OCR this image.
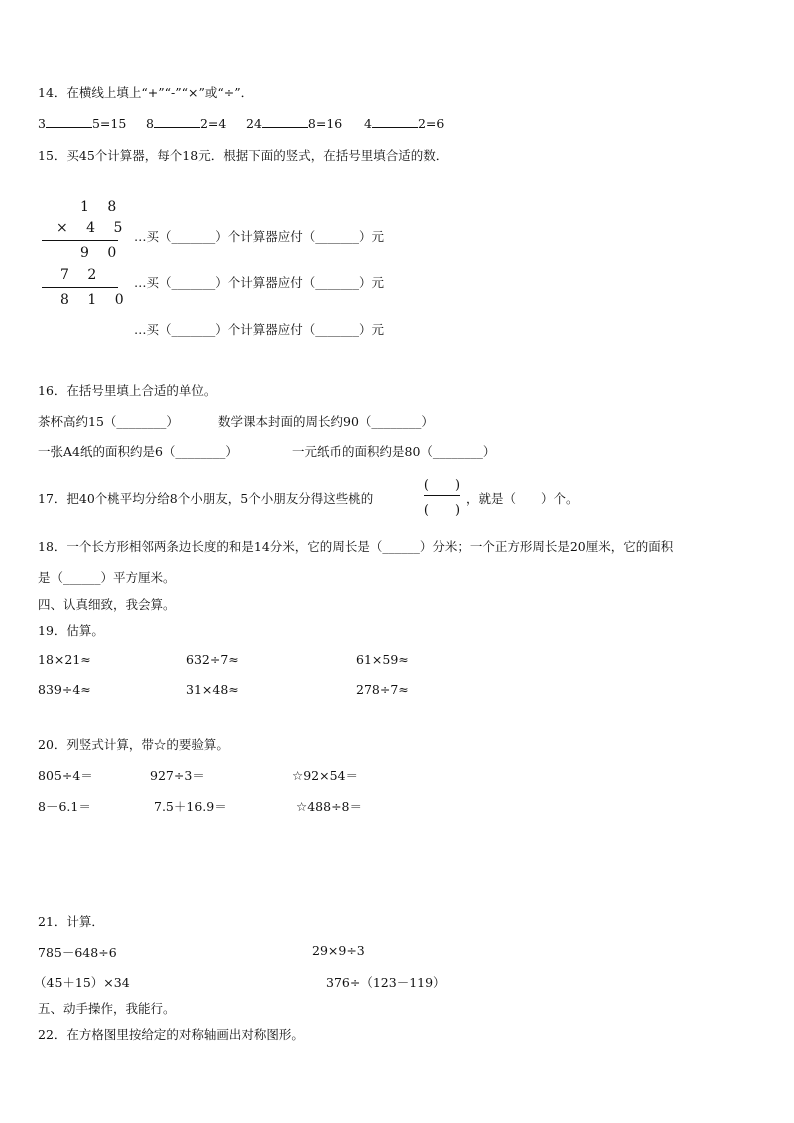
14．在横线上填上“+”“-”“×”或“÷”．
3	5=15 8	2=4 24	8=16 4	2=6
15．买45个计算器，每个18元．根据下面的竖式，在括号里填合适的数．
1 8
× 4 5
9 0
7 2
8 1 0
…买（_______）个计算器应付（_______）元
…买（_______）个计算器应付（_______）元
…买（_______）个计算器应付（_______）元
16．在括号里填上合适的单位。
茶杯高约15（________）	数学课本封面的周长约90（________）
一张A4纸的面积约是6（________）	一元纸币的面积约是80（________）
17．把40个桃平均分给8个小朋友，5个小朋友分得这些桃的
(　　)
(　　)
，就是（　　）个。
18．一个长方形相邻两条边长度的和是14分米，它的周长是（______）分米；一个正方形周长是20厘米，它的面积
是（______）平方厘米。
四、认真细致，我会算。
19．估算。
18×21≈	632÷7≈	61×59≈
839÷4≈	31×48≈	278÷7≈
20．列竖式计算，带☆的要验算。
805÷4＝	927÷3＝	☆92×54＝
8－6.1＝	7.5＋16.9＝	☆488÷8＝
21．计算．
785－648÷6	29×9÷3
（45＋15）×34	376÷（123－119）
五、动手操作，我能行。
22．在方格图里按给定的对称轴画出对称图形。
